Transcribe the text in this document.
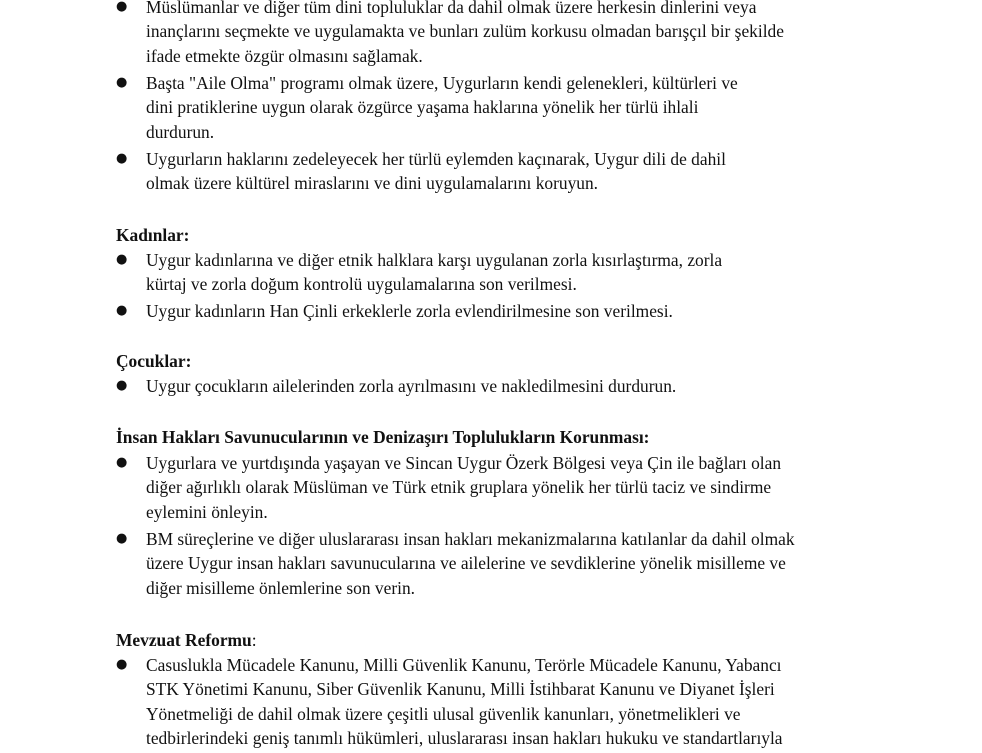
● Müslümanlar ve diğer tüm dini topluluklar da dahil olmak üzere herkesin dinlerini veya
inançlarını seçmekte ve uygulamakta ve bunları zulüm korkusu olmadan barışçıl bir şekilde
ifade etmekte özgür olmasını sağlamak.
● Başta "Aile Olma" programı olmak üzere, Uygurların kendi gelenekleri, kültürleri ve
dini pratiklerine uygun olarak özgürce yaşama haklarına yönelik her türlü ihlali
durdurun.
● Uygurların haklarını zedeleyecek her türlü eylemden kaçınarak, Uygur dili de dahil
olmak üzere kültürel miraslarını ve dini uygulamalarını koruyun.
Kadınlar:
● Uygur kadınlarına ve diğer etnik halklara karşı uygulanan zorla kısırlaştırma, zorla
kürtaj ve zorla doğum kontrolü uygulamalarına son verilmesi.
● Uygur kadınların Han Çinli erkeklerle zorla evlendirilmesine son verilmesi.
Çocuklar:
● Uygur çocukların ailelerinden zorla ayrılmasını ve nakledilmesini durdurun.
İnsan Hakları Savunucularının ve Denizaşırı Toplulukların Korunması:
● Uygurlara ve yurtdışında yaşayan ve Sincan Uygur Özerk Bölgesi veya Çin ile bağları olan
diğer ağırlıklı olarak Müslüman ve Türk etnik gruplara yönelik her türlü taciz ve sindirme
eylemini önleyin.
● BM süreçlerine ve diğer uluslararası insan hakları mekanizmalarına katılanlar da dahil olmak
üzere Uygur insan hakları savunucularına ve ailelerine ve sevdiklerine yönelik misilleme ve
diğer misilleme önlemlerine son verin.
Mevzuat Reformu:
● Casuslukla Mücadele Kanunu, Milli Güvenlik Kanunu, Terörle Mücadele Kanunu, Yabancı
STK Yönetimi Kanunu, Siber Güvenlik Kanunu, Milli İstihbarat Kanunu ve Diyanet İşleri
Yönetmeliği de dahil olmak üzere çeşitli ulusal güvenlik kanunları, yönetmelikleri ve
tedbirlerindeki geniş tanımlı hükümleri, uluslararası insan hakları hukuku ve standartlarıyla
